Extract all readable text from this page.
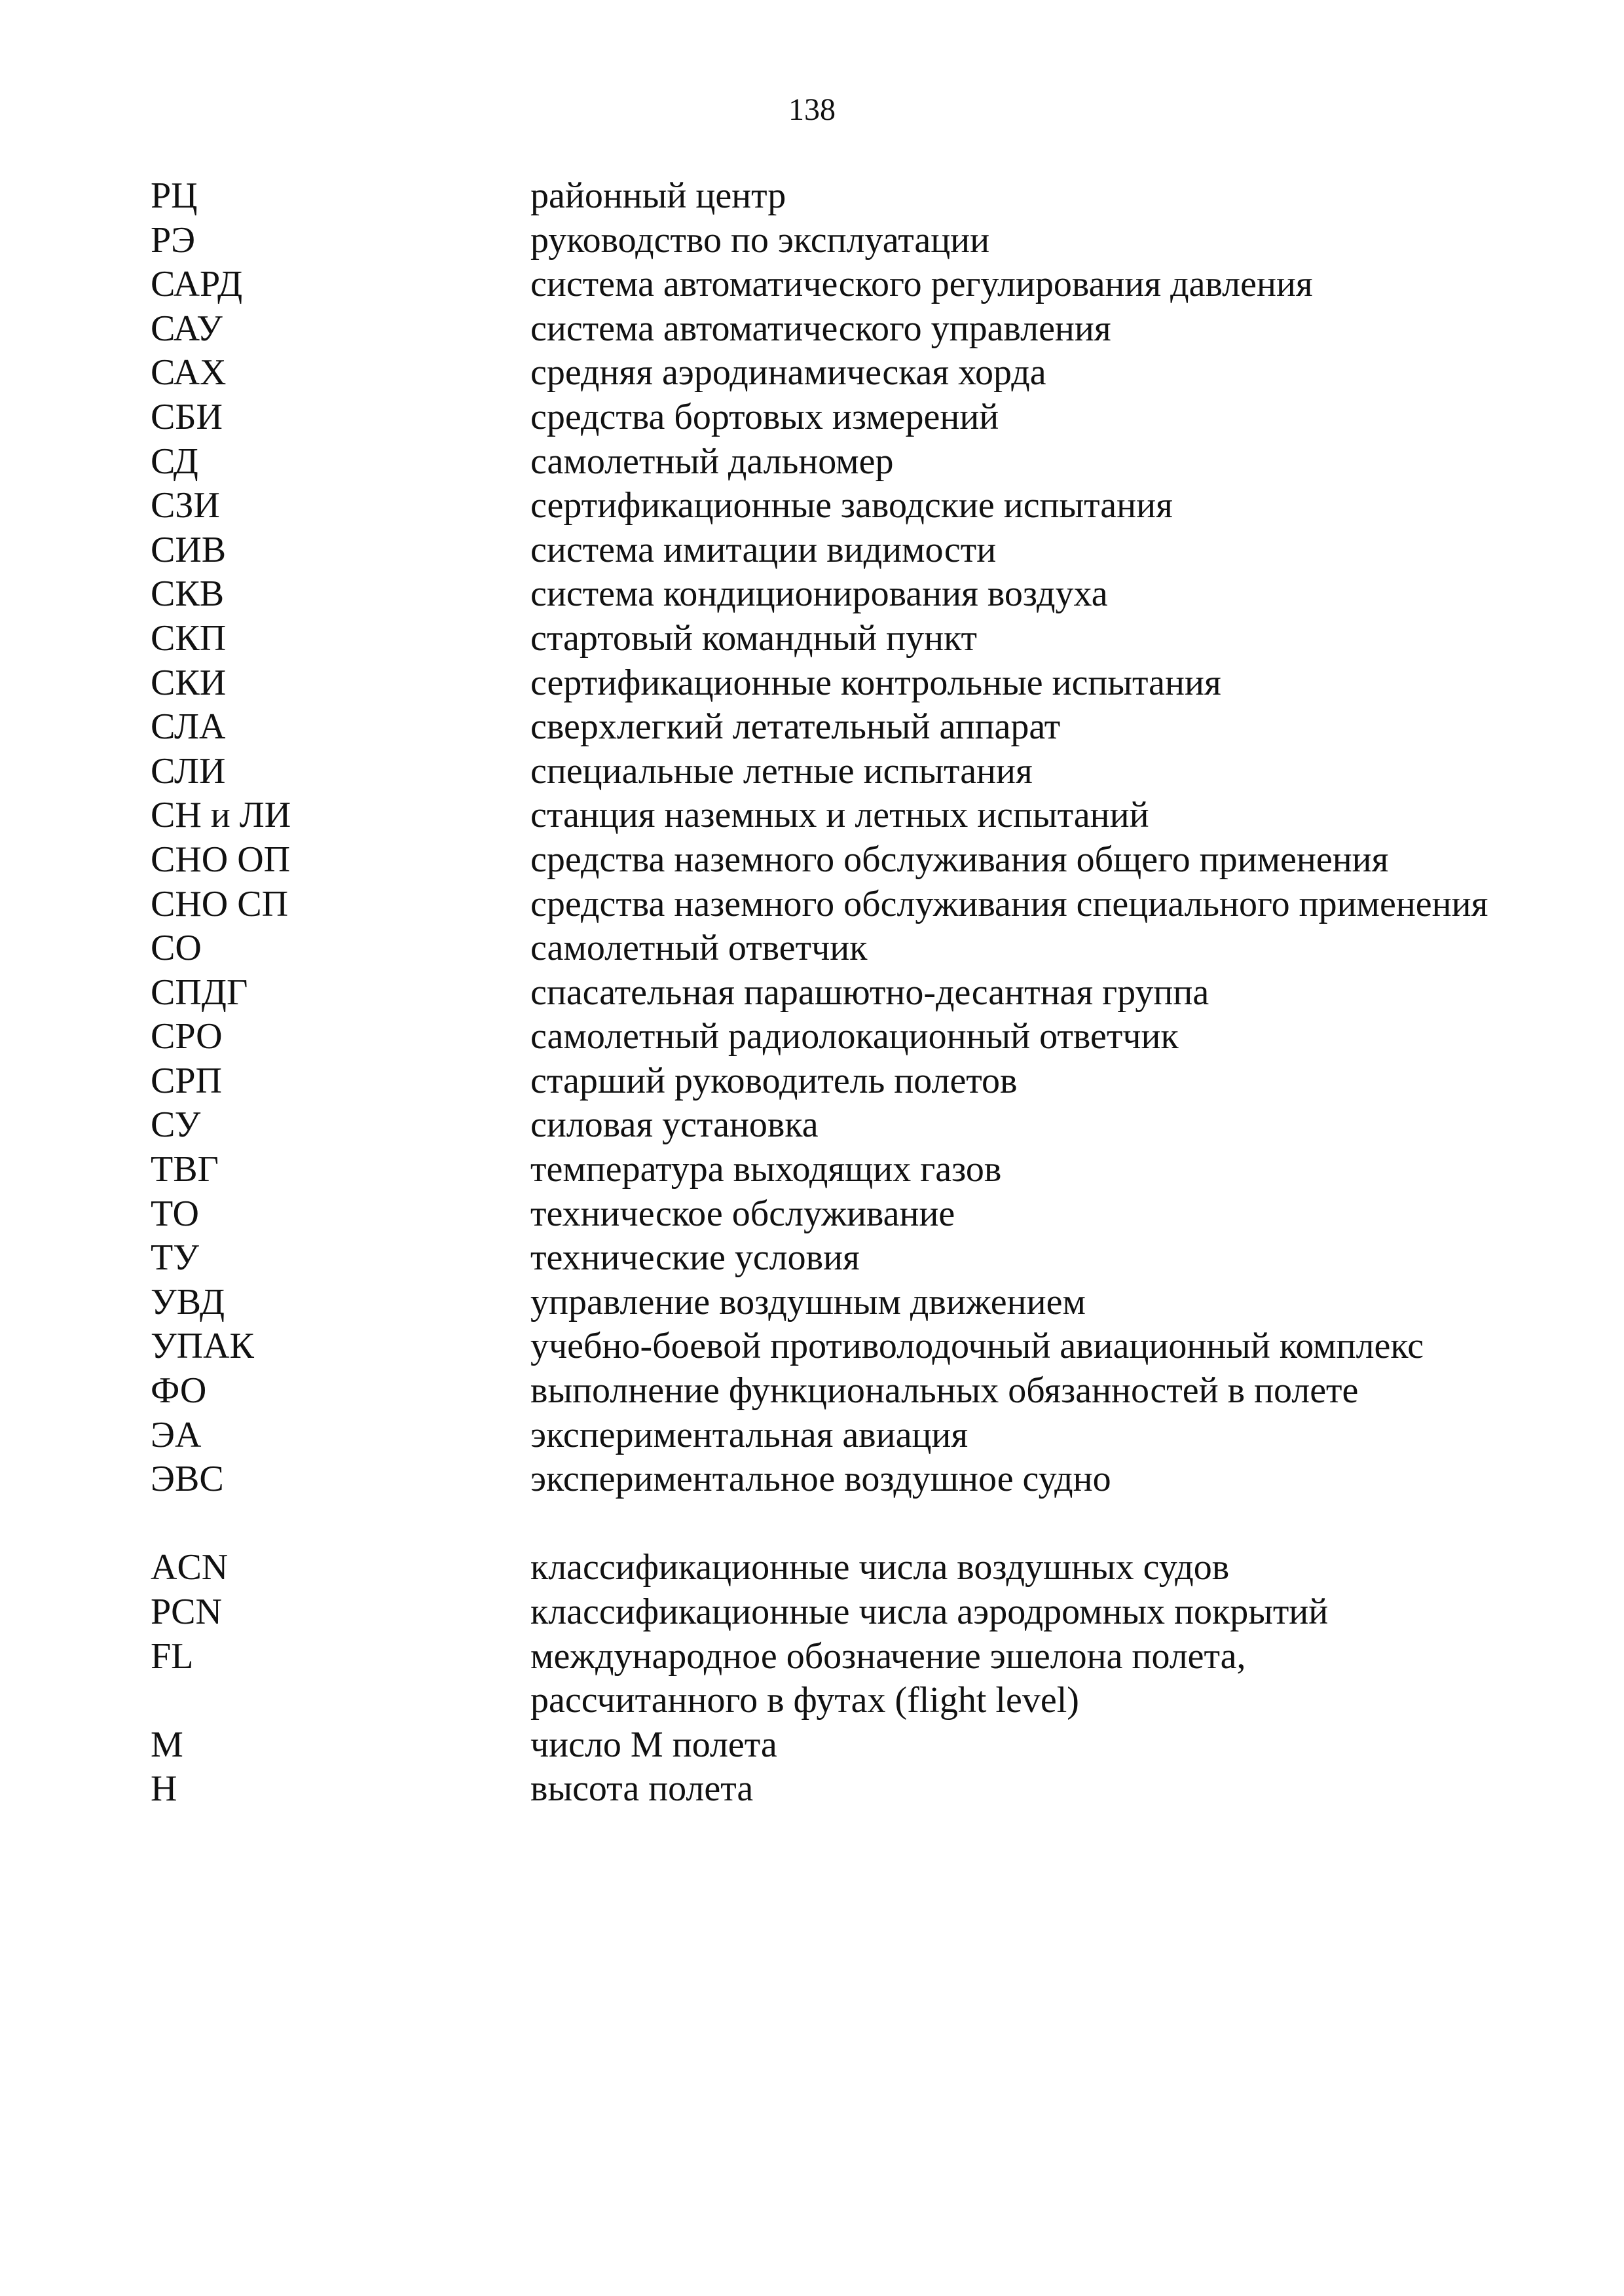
138
РЦ	районный центр
РЭ	руководство по эксплуатации
САРД	система автоматического регулирования давления
САУ	система автоматического управления
САХ	средняя аэродинамическая хорда
СБИ	средства бортовых измерений
СД	самолетный дальномер
СЗИ	сертификационные заводские испытания
СИВ	система имитации видимости
СКВ	система кондиционирования воздуха
СКП	стартовый командный пункт
СКИ	сертификационные контрольные испытания
СЛА	сверхлегкий летательный аппарат
СЛИ	специальные летные испытания
СН и ЛИ	станция наземных и летных испытаний
СНО ОП	средства наземного обслуживания общего применения
СНО СП	средства наземного обслуживания специального применения
СО	самолетный ответчик
СПДГ	спасательная парашютно-десантная группа
СРО	самолетный радиолокационный ответчик
СРП	старший руководитель полетов
СУ	силовая установка
ТВГ	температура выходящих газов
ТО	техническое обслуживание
ТУ	технические условия
УВД	управление воздушным движением
УПАК	учебно-боевой противолодочный авиационный комплекс
ФО	выполнение функциональных обязанностей в полете
ЭА	экспериментальная авиация
ЭВС	экспериментальное воздушное судно
ACN	классификационные числа воздушных судов
PCN	классификационные числа аэродромных покрытий
FL	международное обозначение эшелона полета, рассчитанного в футах (flight level)
M	число М полета
H	высота полета
